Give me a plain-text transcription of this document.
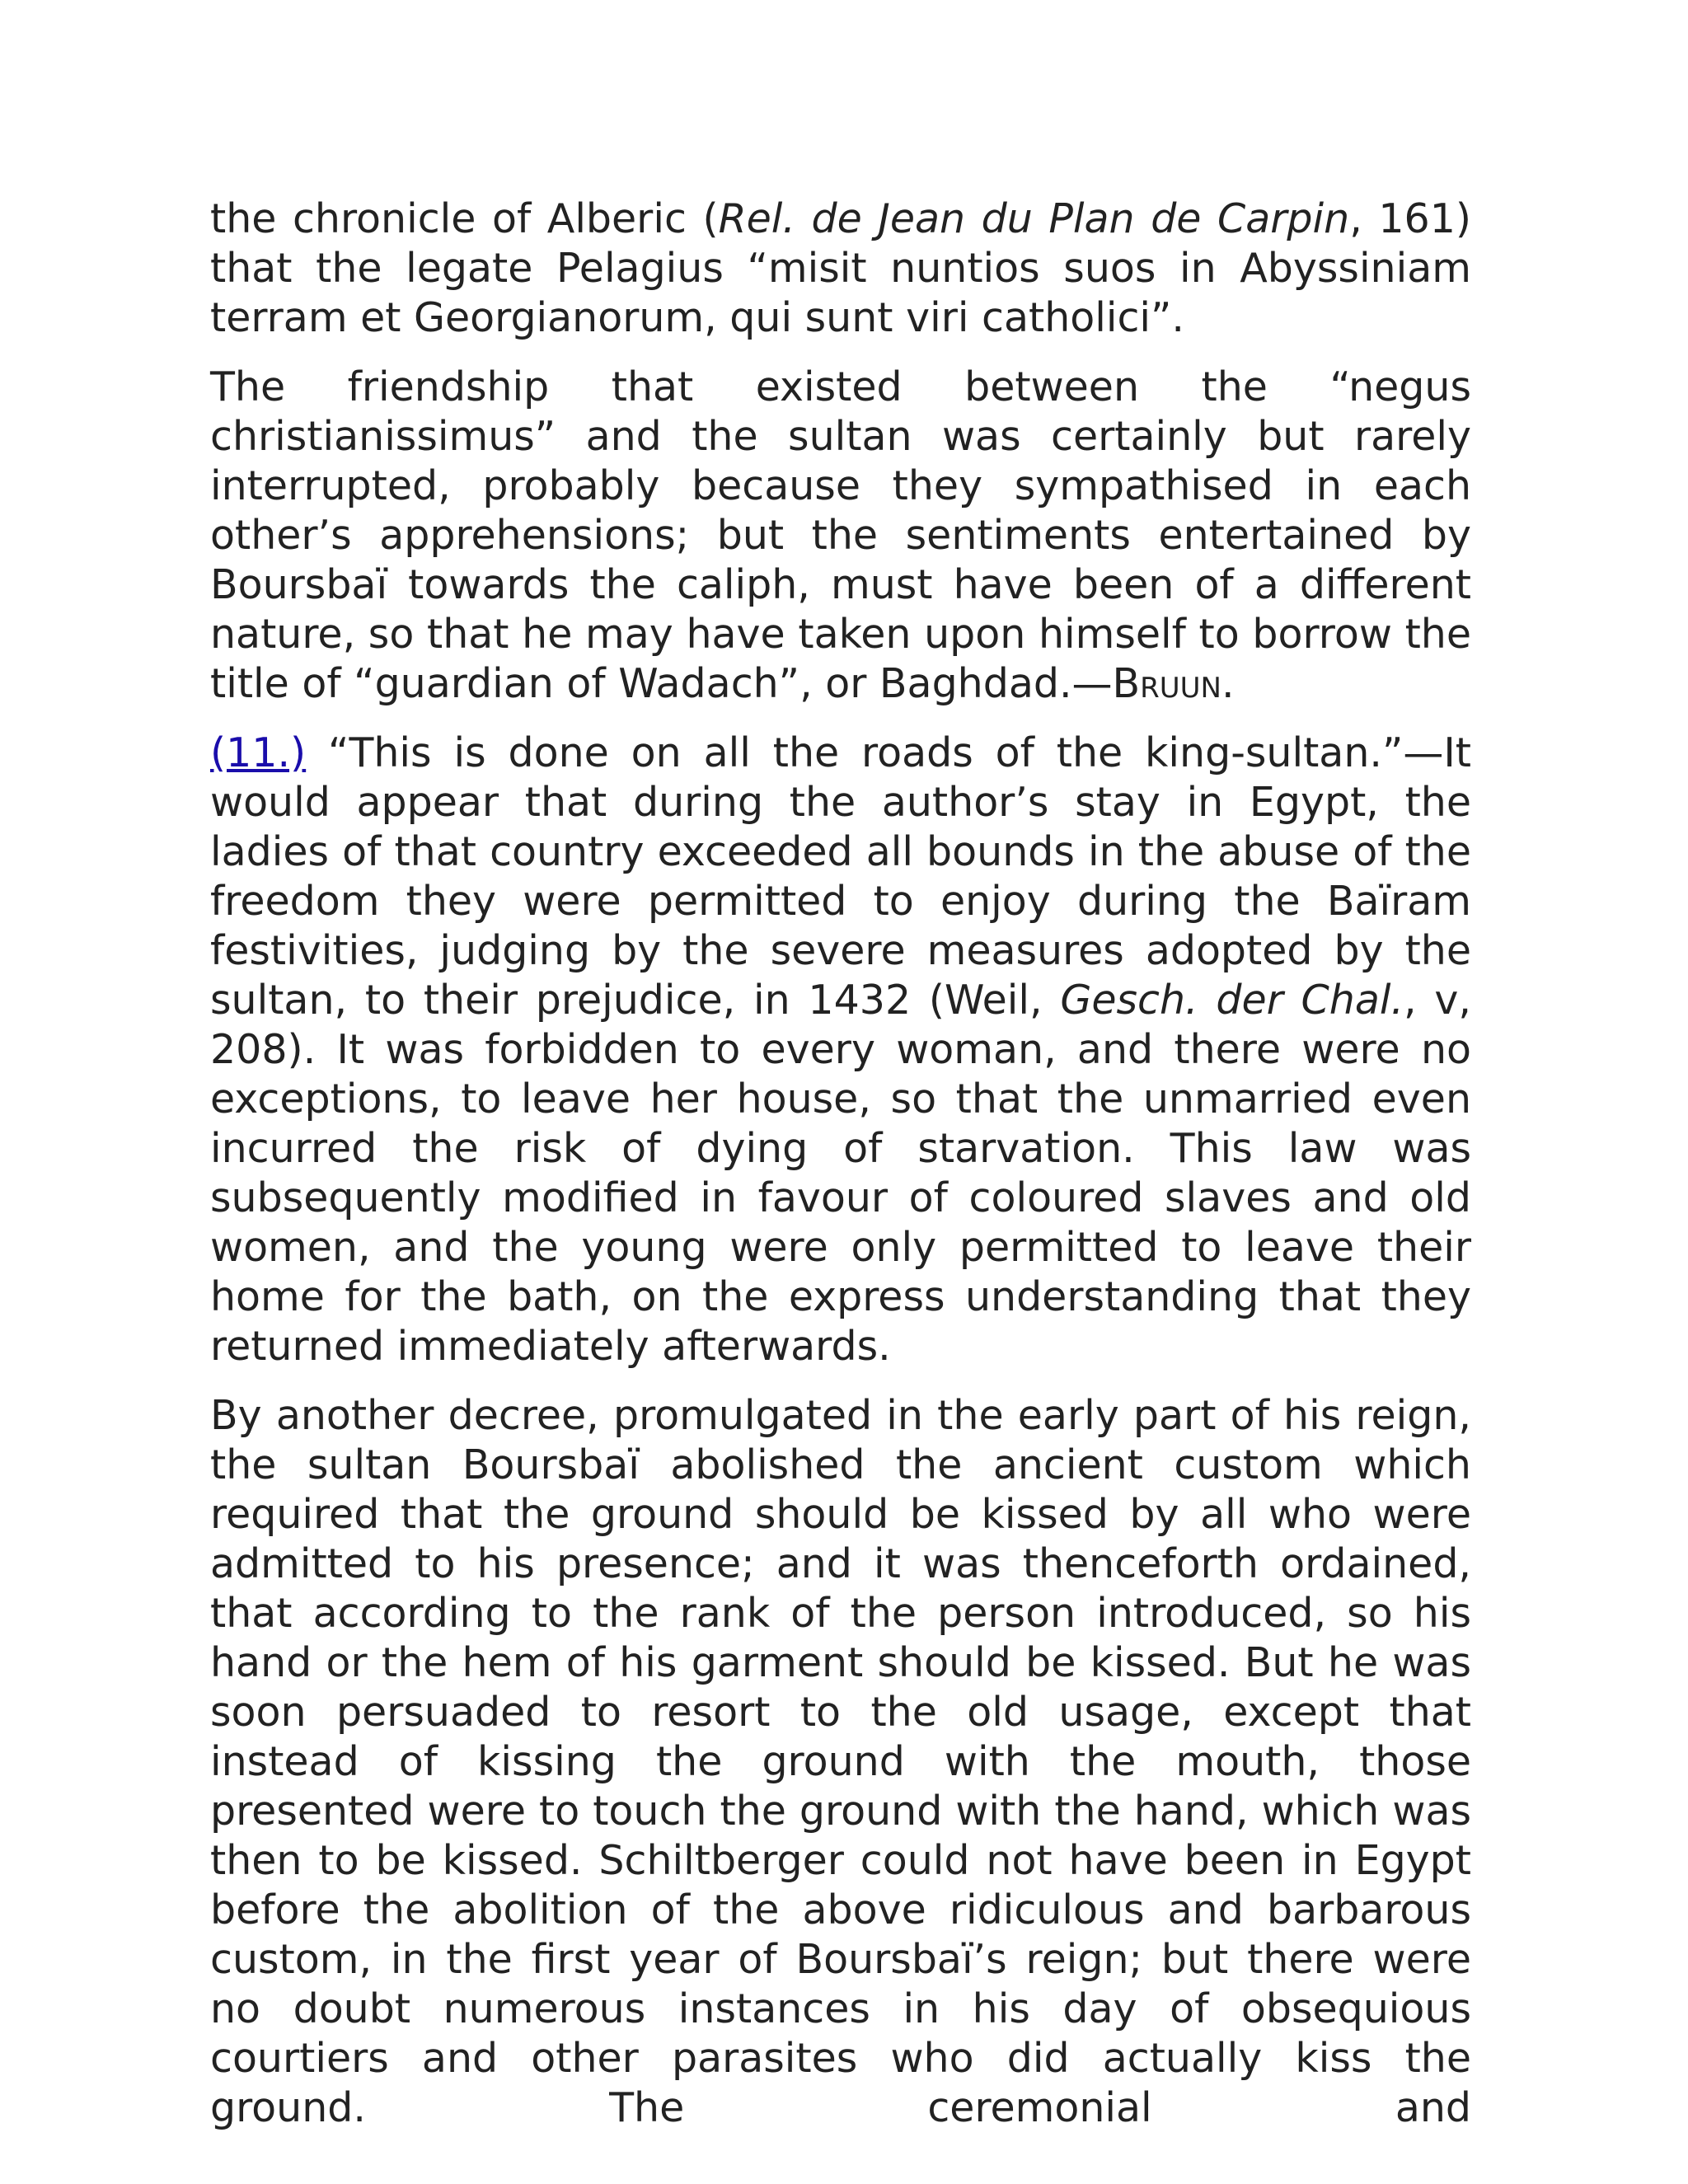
the chronicle of Alberic (Rel. de Jean du Plan de Carpin, 161) that the legate Pelagius “misit nuntios suos in Abyssiniam terram et Georgianorum, qui sunt viri catholici”.

The friendship that existed between the “negus christianissimus” and the sultan was certainly but rarely interrupted, probably because they sympathised in each other’s apprehensions; but the sentiments entertained by Boursbaï towards the caliph, must have been of a different nature, so that he may have taken upon himself to borrow the title of “guardian of Wadach”, or Baghdad.—Bruun.

(11.) “This is done on all the roads of the king-sultan.”—It would appear that during the author’s stay in Egypt, the ladies of that country exceeded all bounds in the abuse of the freedom they were permitted to enjoy during the Baïram festivities, judging by the severe measures adopted by the sultan, to their prejudice, in 1432 (Weil, Gesch. der Chal., v, 208). It was forbidden to every woman, and there were no exceptions, to leave her house, so that the unmarried even incurred the risk of dying of starvation. This law was subsequently modified in favour of coloured slaves and old women, and the young were only permitted to leave their home for the bath, on the express understanding that they returned immediately afterwards.

By another decree, promulgated in the early part of his reign, the sultan Boursbaï abolished the ancient custom which required that the ground should be kissed by all who were admitted to his presence; and it was thenceforth ordained, that according to the rank of the person introduced, so his hand or the hem of his garment should be kissed. But he was soon persuaded to resort to the old usage, except that instead of kissing the ground with the mouth, those presented were to touch the ground with the hand, which was then to be kissed. Schiltberger could not have been in Egypt before the abolition of the above ridiculous and barbarous custom, in the first year of Boursbaï’s reign; but there were no doubt numerous instances in his day of obsequious courtiers and other parasites who did actually kiss the ground. The ceremonial and
